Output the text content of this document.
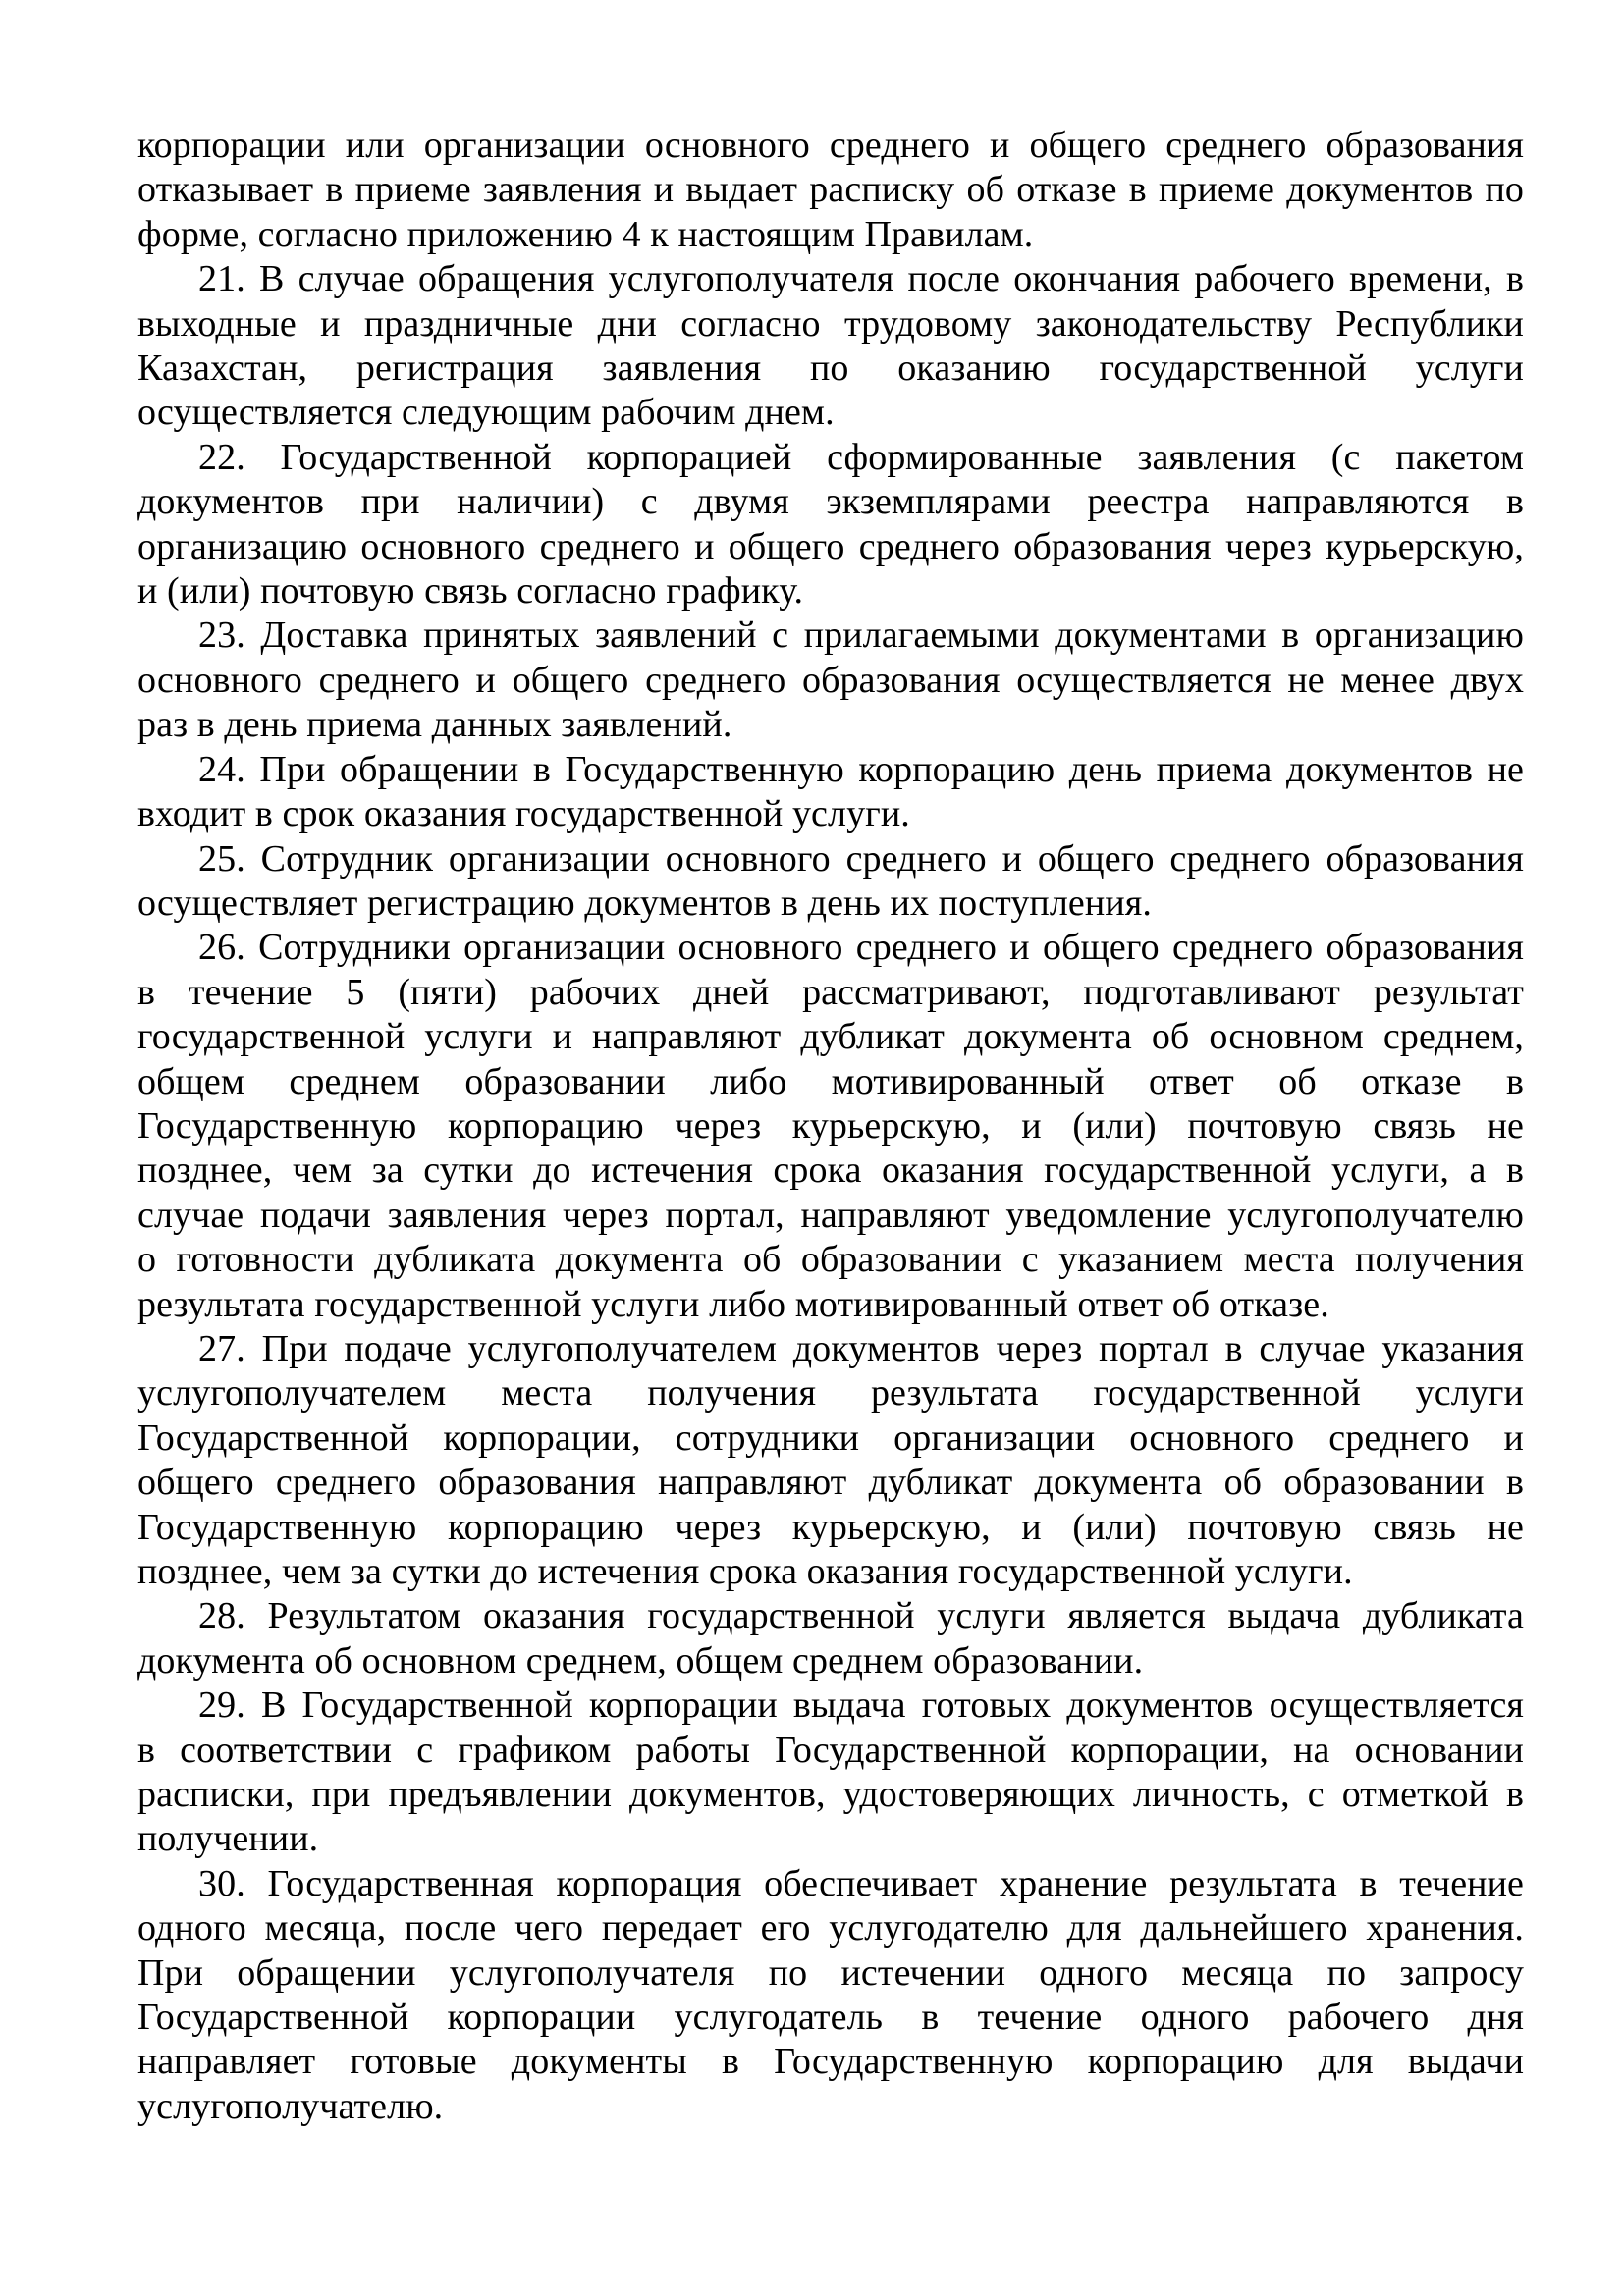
корпорации или организации основного среднего и общего среднего образования
отказывает в приеме заявления и выдает расписку об отказе в приеме документов по
форме, согласно приложению 4 к настоящим Правилам.
21. В случае обращения услугополучателя после окончания рабочего времени, в
выходные и праздничные дни согласно трудовому законодательству Республики
Казахстан, регистрация заявления по оказанию государственной услуги
осуществляется следующим рабочим днем.
22. Государственной корпорацией сформированные заявления (с пакетом
документов при наличии) с двумя экземплярами реестра направляются в
организацию основного среднего и общего среднего образования через курьерскую,
и (или) почтовую связь согласно графику.
23. Доставка принятых заявлений с прилагаемыми документами в организацию
основного среднего и общего среднего образования осуществляется не менее двух
раз в день приема данных заявлений.
24. При обращении в Государственную корпорацию день приема документов не
входит в срок оказания государственной услуги.
25. Сотрудник организации основного среднего и общего среднего образования
осуществляет регистрацию документов в день их поступления.
26. Сотрудники организации основного среднего и общего среднего образования
в течение 5 (пяти) рабочих дней рассматривают, подготавливают результат
государственной услуги и направляют дубликат документа об основном среднем,
общем среднем образовании либо мотивированный ответ об отказе в
Государственную корпорацию через курьерскую, и (или) почтовую связь не
позднее, чем за сутки до истечения срока оказания государственной услуги, а в
случае подачи заявления через портал, направляют уведомление услугополучателю
о готовности дубликата документа об образовании с указанием места получения
результата государственной услуги либо мотивированный ответ об отказе.
27. При подаче услугополучателем документов через портал в случае указания
услугополучателем места получения результата государственной услуги
Государственной корпорации, сотрудники организации основного среднего и
общего среднего образования направляют дубликат документа об образовании в
Государственную корпорацию через курьерскую, и (или) почтовую связь не
позднее, чем за сутки до истечения срока оказания государственной услуги.
28. Результатом оказания государственной услуги является выдача дубликата
документа об основном среднем, общем среднем образовании.
29. В Государственной корпорации выдача готовых документов осуществляется
в соответствии с графиком работы Государственной корпорации, на основании
расписки, при предъявлении документов, удостоверяющих личность, с отметкой в
получении.
30. Государственная корпорация обеспечивает хранение результата в течение
одного месяца, после чего передает его услугодателю для дальнейшего хранения.
При обращении услугополучателя по истечении одного месяца по запросу
Государственной корпорации услугодатель в течение одного рабочего дня
направляет готовые документы в Государственную корпорацию для выдачи
услугополучателю.
